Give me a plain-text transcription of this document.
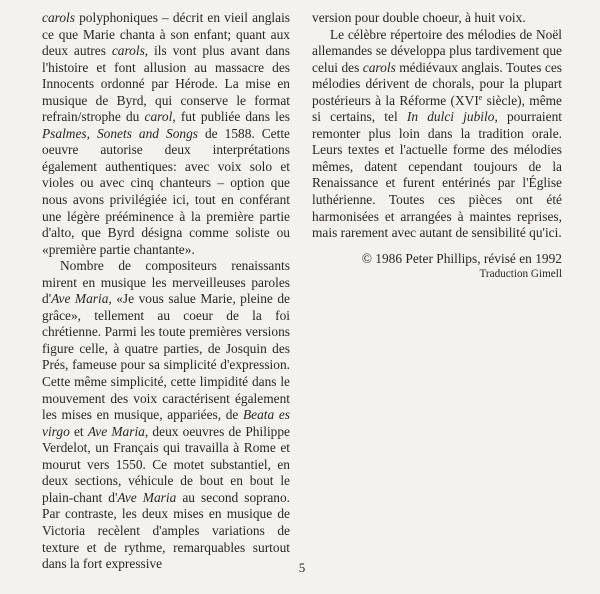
carols polyphoniques – décrit en vieil anglais ce que Marie chanta à son enfant; quant aux deux autres carols, ils vont plus avant dans l'histoire et font allusion au massacre des Innocents ordonné par Hérode. La mise en musique de Byrd, qui conserve le format refrain/strophe du carol, fut publiée dans les Psalmes, Sonets and Songs de 1588. Cette oeuvre autorise deux interprétations également authentiques: avec voix solo et violes ou avec cinq chanteurs – option que nous avons privilégiée ici, tout en conférant une légère prééminence à la première partie d'alto, que Byrd désigna comme soliste ou «première partie chantante».

Nombre de compositeurs renaissants mirent en musique les merveilleuses paroles d'Ave Maria, «Je vous salue Marie, pleine de grâce», tellement au coeur de la foi chrétienne. Parmi les toute premières versions figure celle, à quatre parties, de Josquin des Prés, fameuse pour sa simplicité d'expression. Cette même simplicité, cette limpidité dans le mouvement des voix caractérisent également les mises en musique, appariées, de Beata es virgo et Ave Maria, deux oeuvres de Philippe Verdelot, un Français qui travailla à Rome et mourut vers 1550. Ce motet substantiel, en deux sections, véhicule de bout en bout le plain-chant d'Ave Maria au second soprano. Par contraste, les deux mises en musique de Victoria recèlent d'amples variations de texture et de rythme, remarquables surtout dans la fort expressive

version pour double choeur, à huit voix.

Le célèbre répertoire des mélodies de Noël allemandes se développa plus tardivement que celui des carols médiévaux anglais. Toutes ces mélodies dérivent de chorals, pour la plupart postérieurs à la Réforme (XVIe siècle), même si certains, tel In dulci jubilo, pourraient remonter plus loin dans la tradition orale. Leurs textes et l'actuelle forme des mélodies mêmes, datent cependant toujours de la Renaissance et furent entérinés par l'Église luthérienne. Toutes ces pièces ont été harmonisées et arrangées à maintes reprises, mais rarement avec autant de sensibilité qu'ici.

© 1986 Peter Phillips, révisé en 1992
Traduction Gimell
5
